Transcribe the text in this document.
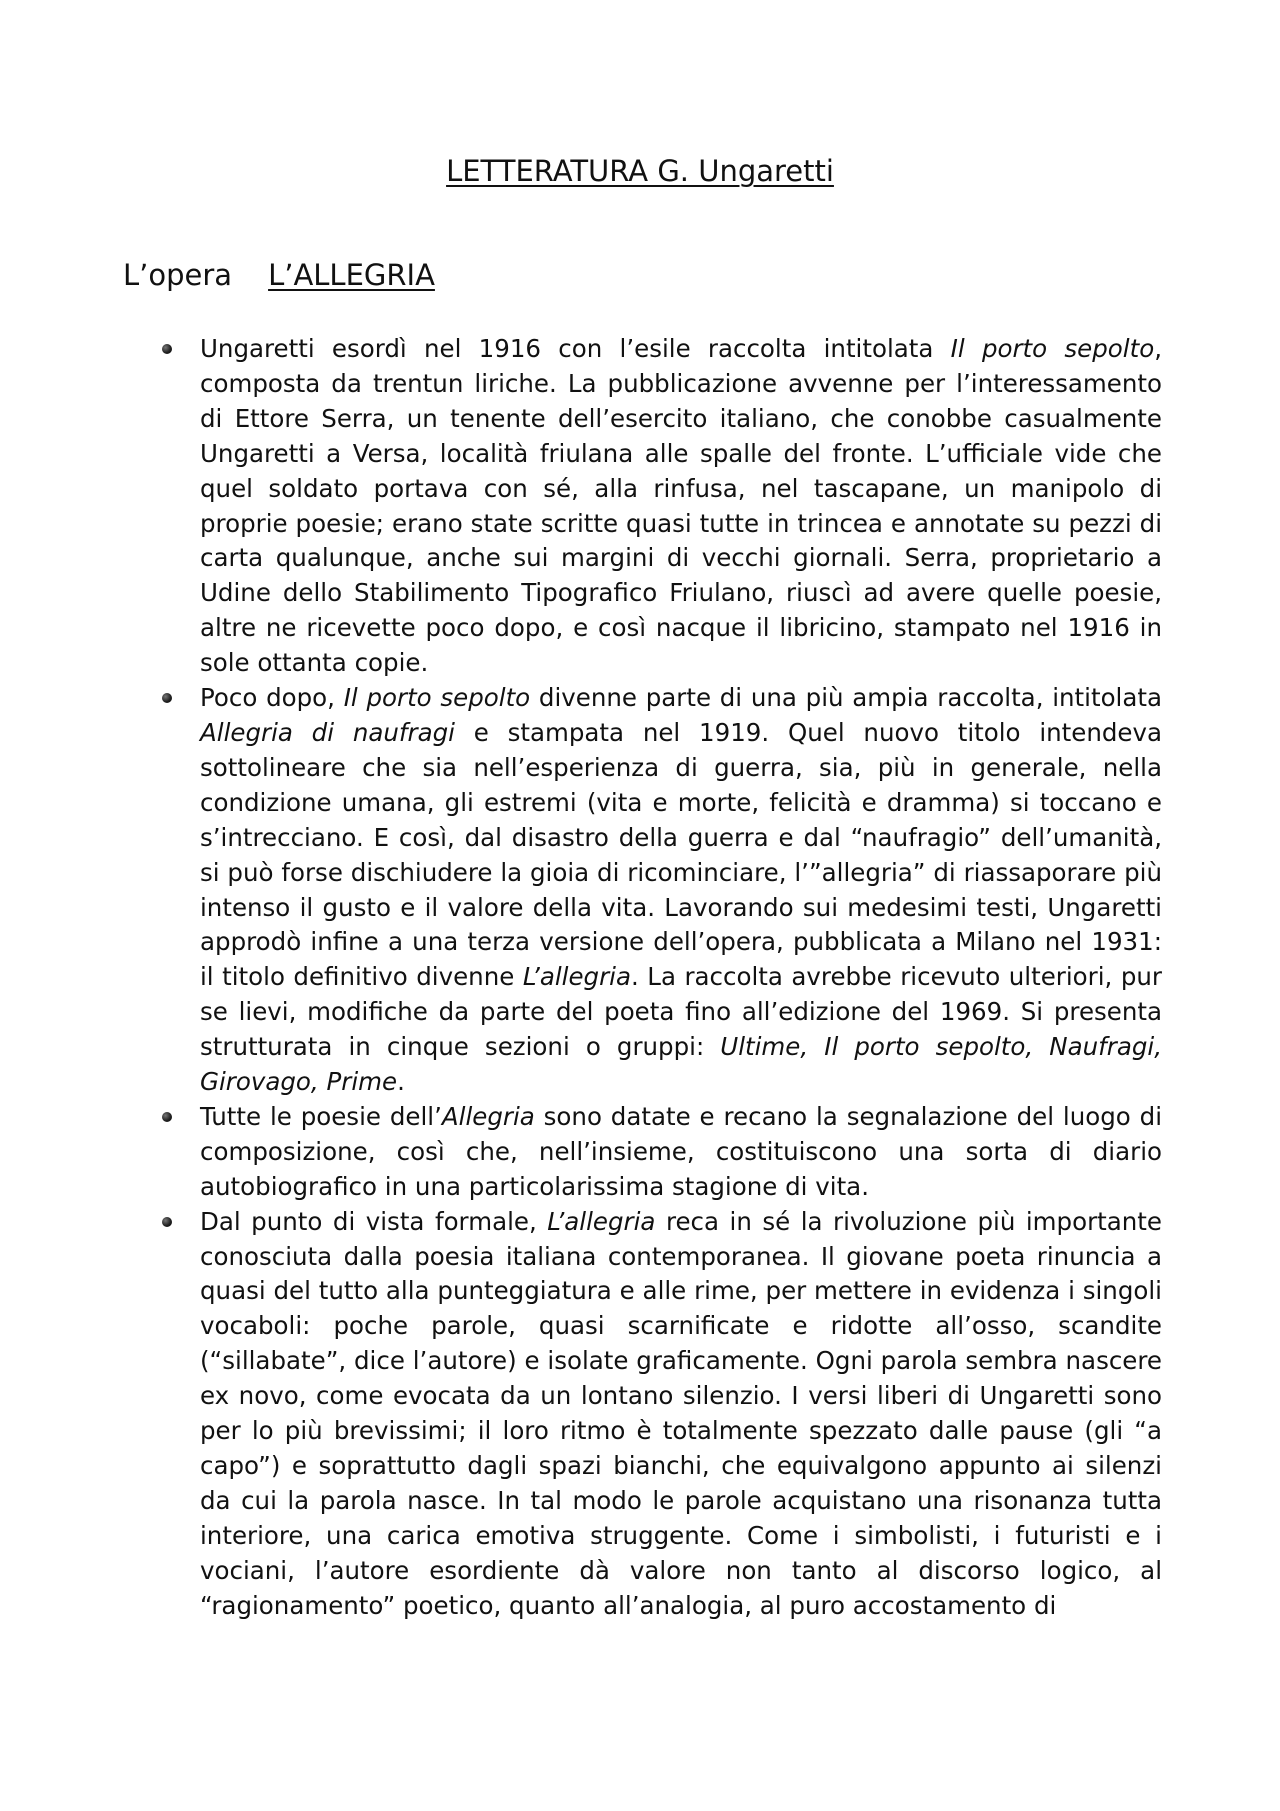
LETTERATURA G. Ungaretti
L’opera L’ALLEGRIA
Ungaretti esordì nel 1916 con l’esile raccolta intitolata Il porto sepolto, composta da trentun liriche. La pubblicazione avvenne per l’interessamento di Ettore Serra, un tenente dell’esercito italiano, che conobbe casualmente Ungaretti a Versa, località friulana alle spalle del fronte. L’ufficiale vide che quel soldato portava con sé, alla rinfusa, nel tascapane, un manipolo di proprie poesie; erano state scritte quasi tutte in trincea e annotate su pezzi di carta qualunque, anche sui margini di vecchi giornali. Serra, proprietario a Udine dello Stabilimento Tipografico Friulano, riuscì ad avere quelle poesie, altre ne ricevette poco dopo, e così nacque il libricino, stampato nel 1916 in sole ottanta copie.
Poco dopo, Il porto sepolto divenne parte di una più ampia raccolta, intitolata Allegria di naufragi e stampata nel 1919. Quel nuovo titolo intendeva sottolineare che sia nell’esperienza di guerra, sia, più in generale, nella condizione umana, gli estremi (vita e morte, felicità e dramma) si toccano e s’intrecciano. E così, dal disastro della guerra e dal “naufragio” dell’umanità, si può forse dischiudere la gioia di ricominciare, l’”allegria” di riassaporare più intenso il gusto e il valore della vita. Lavorando sui medesimi testi, Ungaretti approdò infine a una terza versione dell’opera, pubblicata a Milano nel 1931: il titolo definitivo divenne L’allegria. La raccolta avrebbe ricevuto ulteriori, pur se lievi, modifiche da parte del poeta fino all’edizione del 1969. Si presenta strutturata in cinque sezioni o gruppi: Ultime, Il porto sepolto, Naufragi, Girovago, Prime.
Tutte le poesie dell’Allegria sono datate e recano la segnalazione del luogo di composizione, così che, nell’insieme, costituiscono una sorta di diario autobiografico in una particolarissima stagione di vita.
Dal punto di vista formale, L’allegria reca in sé la rivoluzione più importante conosciuta dalla poesia italiana contemporanea. Il giovane poeta rinuncia a quasi del tutto alla punteggiatura e alle rime, per mettere in evidenza i singoli vocaboli: poche parole, quasi scarnificate e ridotte all’osso, scandite (“sillabate”, dice l’autore) e isolate graficamente. Ogni parola sembra nascere ex novo, come evocata da un lontano silenzio. I versi liberi di Ungaretti sono per lo più brevissimi; il loro ritmo è totalmente spezzato dalle pause (gli “a capo”) e soprattutto dagli spazi bianchi, che equivalgono appunto ai silenzi da cui la parola nasce. In tal modo le parole acquistano una risonanza tutta interiore, una carica emotiva struggente. Come i simbolisti, i futuristi e i vociani, l’autore esordiente dà valore non tanto al discorso logico, al “ragionamento” poetico, quanto all’analogia, al puro accostamento di
